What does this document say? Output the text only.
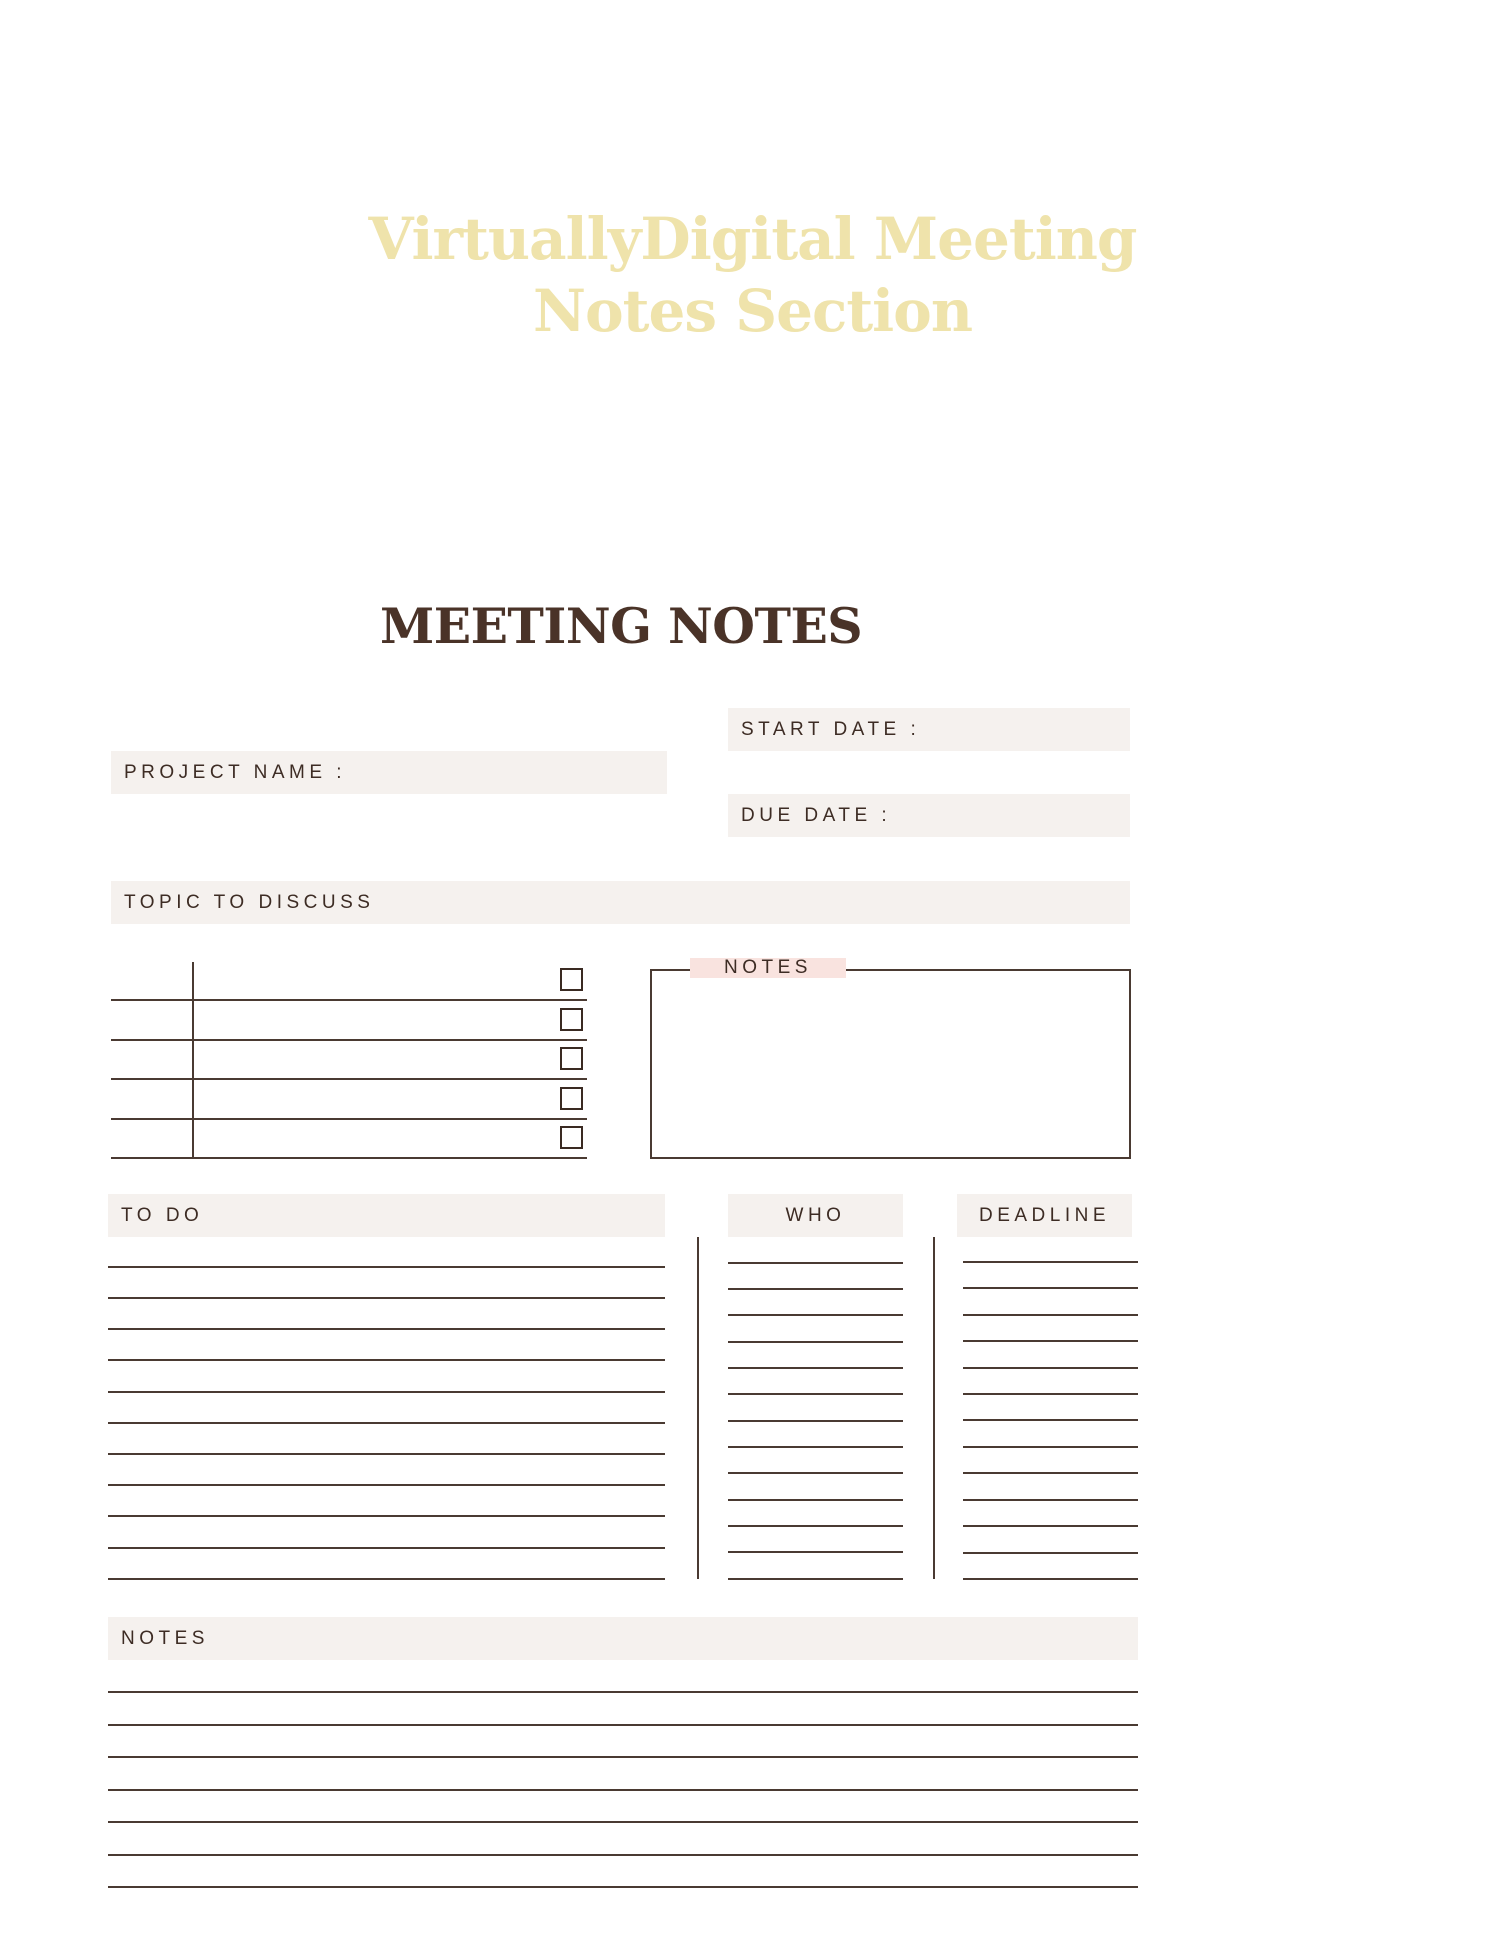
VirtuallyDigital Meeting Notes Section
MEETING NOTES
START DATE :
PROJECT NAME :
DUE DATE :
TOPIC TO DISCUSS
NOTES
TO DO	WHO	DEADLINE
NOTES
